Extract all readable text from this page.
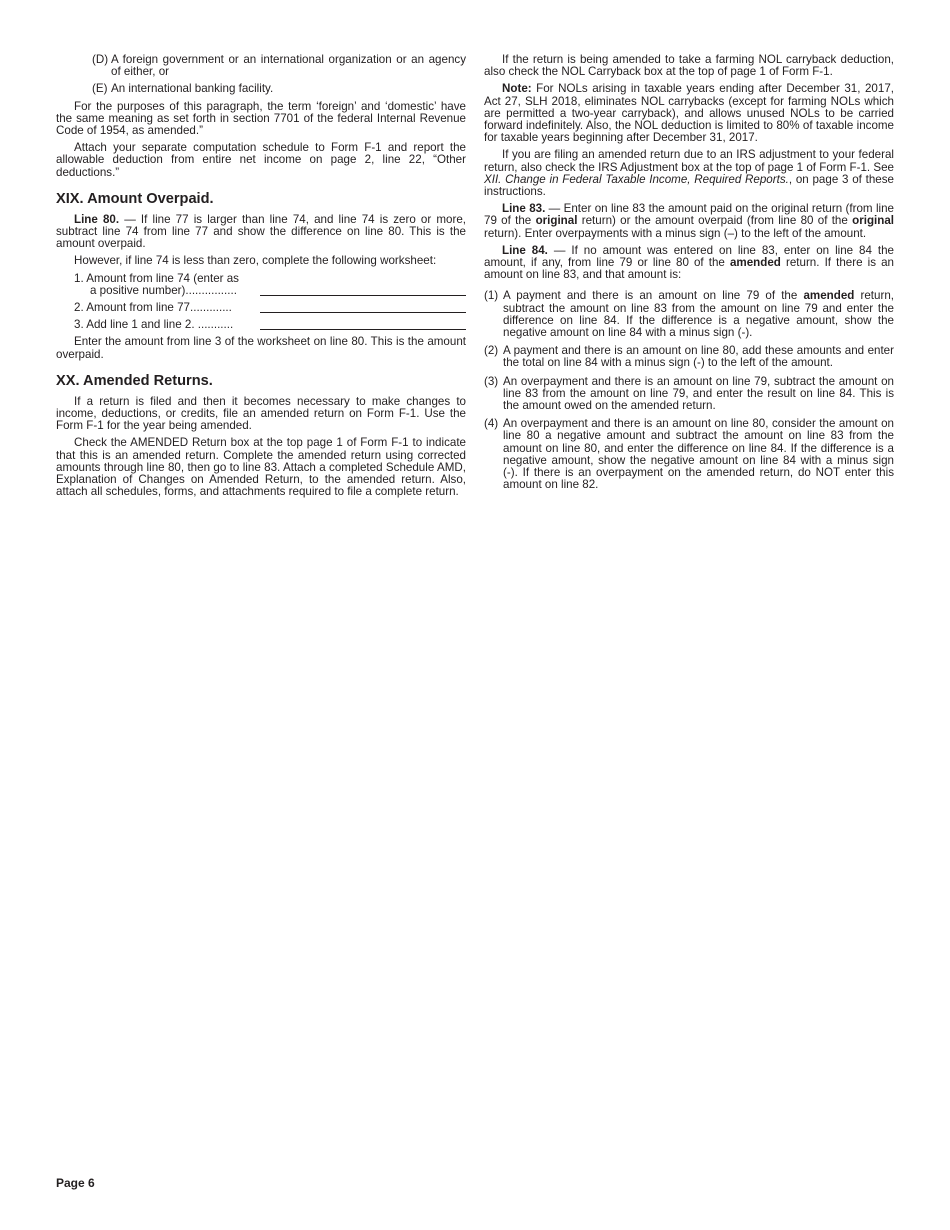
(D) A foreign government or an international organization or an agency of either, or
(E) An international banking facility.

For the purposes of this paragraph, the term ‘foreign’ and ‘domestic’ have the same meaning as set forth in section 7701 of the federal Internal Revenue Code of 1954, as amended.”

Attach your separate computation schedule to Form F-1 and report the allowable deduction from entire net income on page 2, line 22, “Other deductions.”

XIX. Amount Overpaid.

Line 80. — If line 77 is larger than line 74, and line 74 is zero or more, subtract line 74 from line 77 and show the difference on line 80. This is the amount overpaid.

However, if line 74 is less than zero, complete the following worksheet:

1. Amount from line 74 (enter as
a positive number)................
2. Amount from line 77.............
3. Add line 1 and line 2. ...........

Enter the amount from line 3 of the worksheet on line 80. This is the amount overpaid.

XX. Amended Returns.

If a return is filed and then it becomes necessary to make changes to income, deductions, or credits, file an amended return on Form F-1. Use the Form F-1 for the year being amended.

Check the AMENDED Return box at the top page 1 of Form F-1 to indicate that this is an amended return. Complete the amended return using corrected amounts through line 80, then go to line 83. Attach a completed Schedule AMD, Explanation of Changes on Amended Return, to the amended return. Also, attach all schedules, forms, and attachments required to file a complete return.

If the return is being amended to take a farming NOL carryback deduction, also check the NOL Carryback box at the top of page 1 of Form F-1.

Note: For NOLs arising in taxable years ending after December 31, 2017, Act 27, SLH 2018, eliminates NOL carrybacks (except for farming NOLs which are permitted a two-year carryback), and allows unused NOLs to be carried forward indefinitely. Also, the NOL deduction is limited to 80% of taxable income for taxable years beginning after December 31, 2017.

If you are filing an amended return due to an IRS adjustment to your federal return, also check the IRS Adjustment box at the top of page 1 of Form F-1. See XII. Change in Federal Taxable Income, Required Reports., on page 3 of these instructions.

Line 83. — Enter on line 83 the amount paid on the original return (from line 79 of the original return) or the amount overpaid (from line 80 of the original return). Enter overpayments with a minus sign (–) to the left of the amount.

Line 84. — If no amount was entered on line 83, enter on line 84 the amount, if any, from line 79 or line 80 of the amended return. If there is an amount on line 83, and that amount is:

(1) A payment and there is an amount on line 79 of the amended return, subtract the amount on line 83 from the amount on line 79 and enter the difference on line 84. If the difference is a negative amount, show the negative amount on line 84 with a minus sign (-).
(2) A payment and there is an amount on line 80, add these amounts and enter the total on line 84 with a minus sign (-) to the left of the amount.
(3) An overpayment and there is an amount on line 79, subtract the amount on line 83 from the amount on line 79, and enter the result on line 84. This is the amount owed on the amended return.
(4) An overpayment and there is an amount on line 80, consider the amount on line 80 a negative amount and subtract the amount on line 83 from the amount on line 80, and enter the difference on line 84. If the difference is a negative amount, show the negative amount on line 84 with a minus sign (-). If there is an overpayment on the amended return, do NOT enter this amount on line 82.
Page 6
